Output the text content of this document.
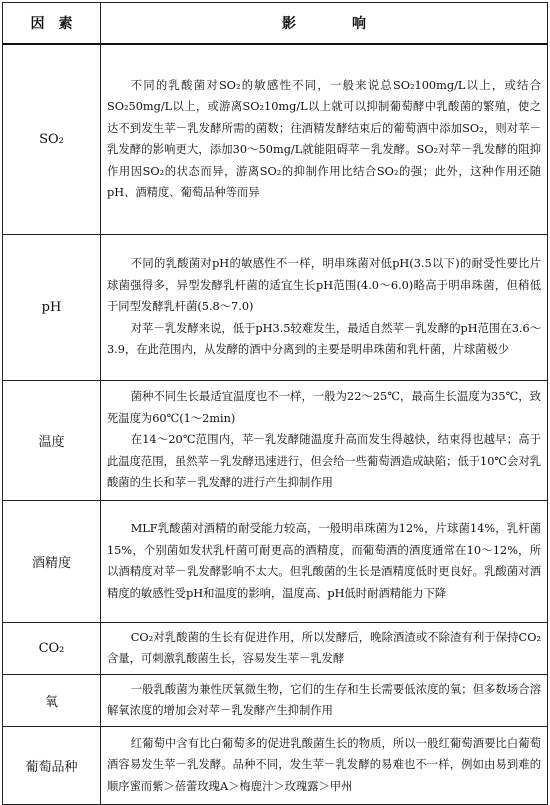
因　素	影　　　　响
SO₂	不同的乳酸菌对SO₂的敏感性不同，一般来说总SO₂100mg/L以上，或结合SO₂50mg/L以上，或游离SO₂10mg/L以上就可以抑制葡萄酵中乳酸菌的繁殖，使之达不到发生苹－乳发酵所需的菌数；往酒精发酵结束后的葡萄酒中添加SO₂，则对苹－乳发酵的影响更大，添加30～50mg/L就能阻碍苹－乳发酵。SO₂对苹－乳发酵的阻抑作用因SO₂的状态而异，游离SO₂的抑制作用比结合SO₂的强；此外，这种作用还随pH、酒精度、葡萄品种等而异

pH	不同的乳酸菌对pH的敏感性不一样，明串珠菌对低pH(3.5以下)的耐受性要比片球菌强得多，异型发酵乳杆菌的适宜生长pH范围(4.0～6.0)略高于明串珠菌，但稍低于同型发酵乳杆菌(5.8～7.0)

对苹－乳发酵来说，低于pH3.5较难发生，最适自然苹－乳发酵的pH范围在3.6～3.9，在此范围内，从发酵的酒中分离到的主要是明串珠菌和乳杆菌，片球菌极少

温度	菌种不同生长最适宜温度也不一样，一般为22～25℃，最高生长温度为35℃，致死温度为60℃(1～2min)

在14～20℃范围内，苹－乳发酵随温度升高而发生得越快，结束得也越早；高于此温度范围，虽然苹－乳发酵迅速进行，但会给一些葡萄酒造成缺陷；低于10℃会对乳酸菌的生长和苹－乳发酵的进行产生抑制作用

酒精度	MLF乳酸菌对酒精的耐受能力较高，一般明串珠菌为12%，片球菌14%，乳杆菌15%，个别菌如发状乳杆菌可耐更高的酒精度，而葡萄酒的酒度通常在10～12%，所以酒精度对苹－乳发酵影响不太大。但乳酸菌的生长是酒精度低时更良好。乳酸菌对酒精度的敏感性受pH和温度的影响，温度高、pH低时耐酒精能力下降

CO₂	CO₂对乳酸菌的生长有促进作用，所以发酵后，晚除酒渣或不除渣有利于保持CO₂含量，可刺激乳酸菌生长，容易发生苹－乳发酵

氧	一般乳酸菌为兼性厌氧微生物，它们的生存和生长需要低浓度的氧；但多数场合溶解氧浓度的增加会对苹－乳发酵产生抑制作用

葡萄品种	红葡萄中含有比白葡萄多的促进乳酸菌生长的物质，所以一般红葡萄酒要比白葡萄酒容易发生苹－乳发酵。品种不同，发生苹－乳发酵的易难也不一样，例如由易到难的顺序蜜而紫＞蓓蕾玫瑰A＞梅鹿汁＞玫瑰露＞甲州
